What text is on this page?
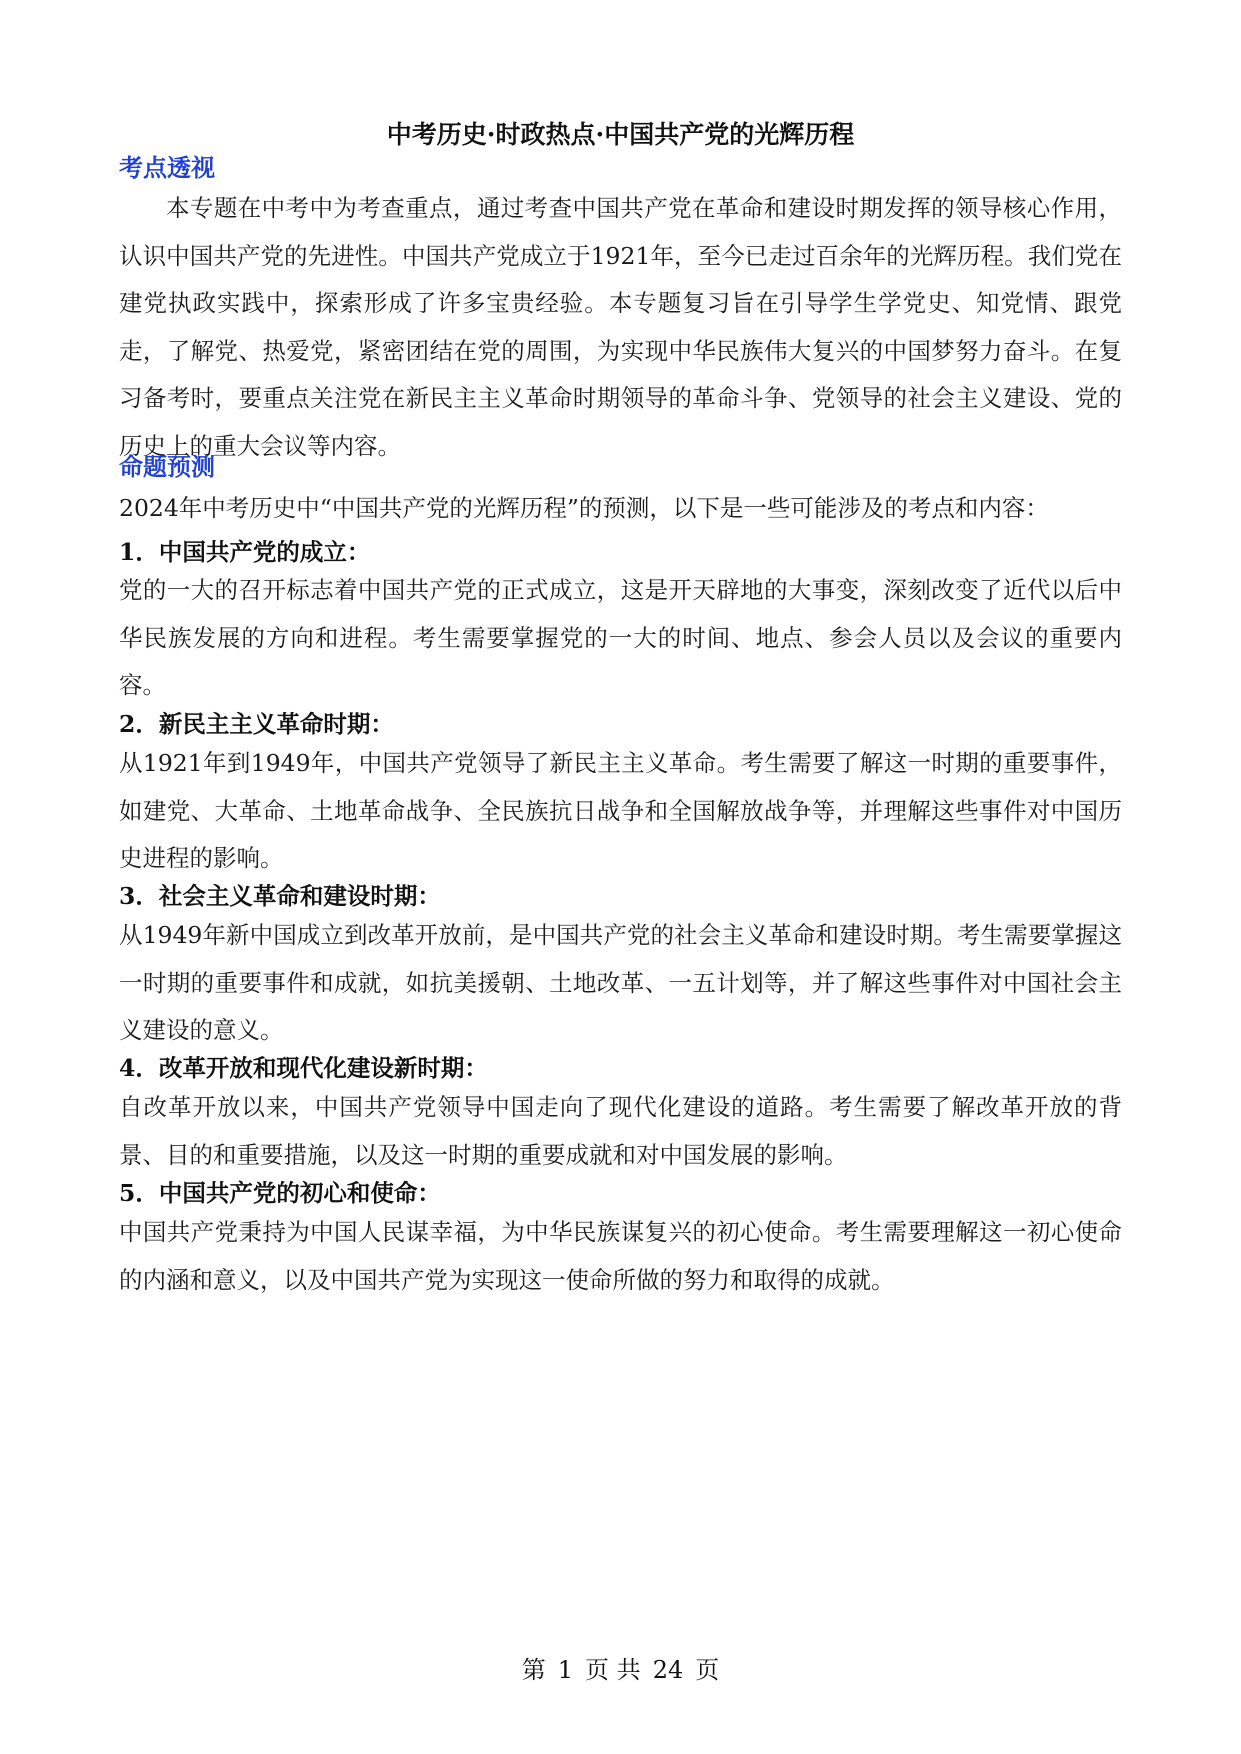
中考历史·时政热点·中国共产党的光辉历程
考点透视

本专题在中考中为考查重点，通过考查中国共产党在革命和建设时期发挥的领导核心作用，认识中国共产党的先进性。中国共产党成立于1921年，至今已走过百余年的光辉历程。我们党在建党执政实践中，探索形成了许多宝贵经验。本专题复习旨在引导学生学党史、知党情、跟党走，了解党、热爱党，紧密团结在党的周围，为实现中华民族伟大复兴的中国梦努力奋斗。在复习备考时，要重点关注党在新民主主义革命时期领导的革命斗争、党领导的社会主义建设、党的历史上的重大会议等内容。

命题预测

2024年中考历史中“中国共产党的光辉历程”的预测，以下是一些可能涉及的考点和内容：

1．中国共产党的成立：

党的一大的召开标志着中国共产党的正式成立，这是开天辟地的大事变，深刻改变了近代以后中华民族发展的方向和进程。考生需要掌握党的一大的时间、地点、参会人员以及会议的重要内容。

2．新民主主义革命时期：

从1921年到1949年，中国共产党领导了新民主主义革命。考生需要了解这一时期的重要事件，如建党、大革命、土地革命战争、全民族抗日战争和全国解放战争等，并理解这些事件对中国历史进程的影响。

3．社会主义革命和建设时期：

从1949年新中国成立到改革开放前，是中国共产党的社会主义革命和建设时期。考生需要掌握这一时期的重要事件和成就，如抗美援朝、土地改革、一五计划等，并了解这些事件对中国社会主义建设的意义。

4．改革开放和现代化建设新时期：

自改革开放以来，中国共产党领导中国走向了现代化建设的道路。考生需要了解改革开放的背景、目的和重要措施，以及这一时期的重要成就和对中国发展的影响。

5．中国共产党的初心和使命：

中国共产党秉持为中国人民谋幸福，为中华民族谋复兴的初心使命。考生需要理解这一初心使命的内涵和意义，以及中国共产党为实现这一使命所做的努力和取得的成就。

第 1 页 共 24 页
